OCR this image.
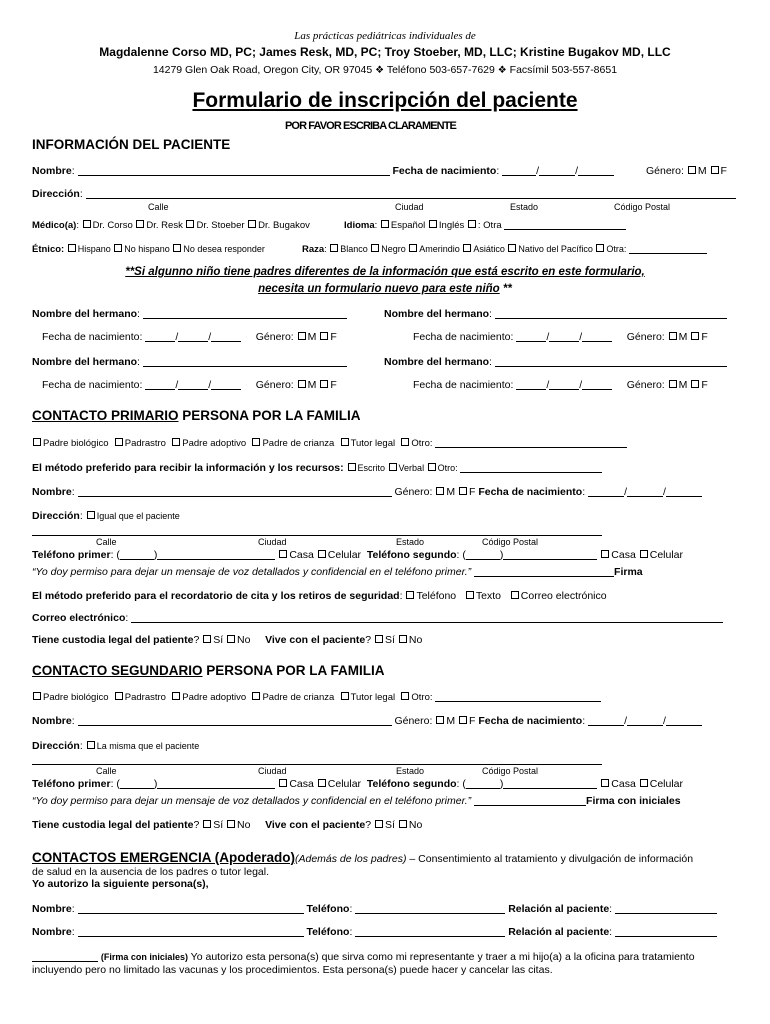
Las prácticas pediátricas individuales de
Magdalenne Corso MD, PC; James Resk, MD, PC; Troy Stoeber, MD, LLC; Kristine Bugakov MD, LLC
14279 Glen Oak Road, Oregon City, OR 97045 ❖ Teléfono 503-657-7629 ❖ Facsímil 503-557-8651
Formulario de inscripción del paciente
POR FAVOR ESCRIBA CLARAMENTE
INFORMACIÓN DEL PACIENTE
Nombre:	Fecha de nacimiento:	/	/	Género: M F
Dirección:
Calle	Ciudad	Estado	Código Postal
Médico(a): Dr. Corso Dr. Resk Dr. Stoeber Dr. Bugakov	Idioma: Español Inglés : Otra
Étnico: Hispano No hispano No desea responder	Raza: Blanco Negro Amerindio Asiático Nativo del Pacífico Otra:
**Si algunno niño tiene padres diferentes de la información que está escrito en este formulario,
necesita un formulario nuevo para este niño **
Nombre del hermano:	Nombre del hermano:
Fecha de nacimiento:	/	/	Género: M F	Fecha de nacimiento:	/	/	Género: M F
Nombre del hermano:	Nombre del hermano:
Fecha de nacimiento:	/	/	Género: M F	Fecha de nacimiento:	/	/	Género: M F
CONTACTO PRIMARIO PERSONA POR LA FAMILIA
Padre biológico Padrastro Padre adoptivo Padre de crianza Tutor legal Otro:
El método preferido para recibir la información y los recursos: Escrito Verbal Otro:
Nombre:	Género: M F Fecha de nacimiento:	/	/
Dirección: Igual que el paciente
Calle	Ciudad	Estado	Código Postal
Teléfono primer: (	)	Casa Celular Teléfono segundo: (	)	Casa Celular
“Yo doy permiso para dejar un mensaje de voz detallados y confidencial en el teléfono primer.”	Firma
El método preferido para el recordatorio de cita y los retiros de seguridad: Teléfono Texto Correo electrónico
Correo electrónico:
Tiene custodia legal del patiente? Sí No Vive con el paciente? Sí No
CONTACTO SEGUNDARIO PERSONA POR LA FAMILIA
Padre biológico Padrastro Padre adoptivo Padre de crianza Tutor legal Otro:
Nombre:	Género: M F Fecha de nacimiento:	/	/
Dirección: La misma que el paciente
Calle	Ciudad	Estado	Código Postal
Teléfono primer: (	)	Casa Celular Teléfono segundo: (	)	Casa Celular
“Yo doy permiso para dejar un mensaje de voz detallados y confidencial en el teléfono primer.”	Firma con iniciales
Tiene custodia legal del patiente? Sí No Vive con el paciente? Sí No
CONTACTOS EMERGENCIA (Apoderado)(Además de los padres) – Consentimiento al tratamiento y divulgación de información
de salud en la ausencia de los padres o tutor legal.
Yo autorizo la siguiente persona(s),
Nombre:	Teléfono:	Relación al paciente:
Nombre:	Teléfono:	Relación al paciente:
(Firma con iniciales) Yo autorizo esta persona(s) que sirva como mi representante y traer a mi hijo(a) a la oficina para tratamiento
incluyendo pero no limitado las vacunas y los procedimientos. Esta persona(s) puede hacer y cancelar las citas.
